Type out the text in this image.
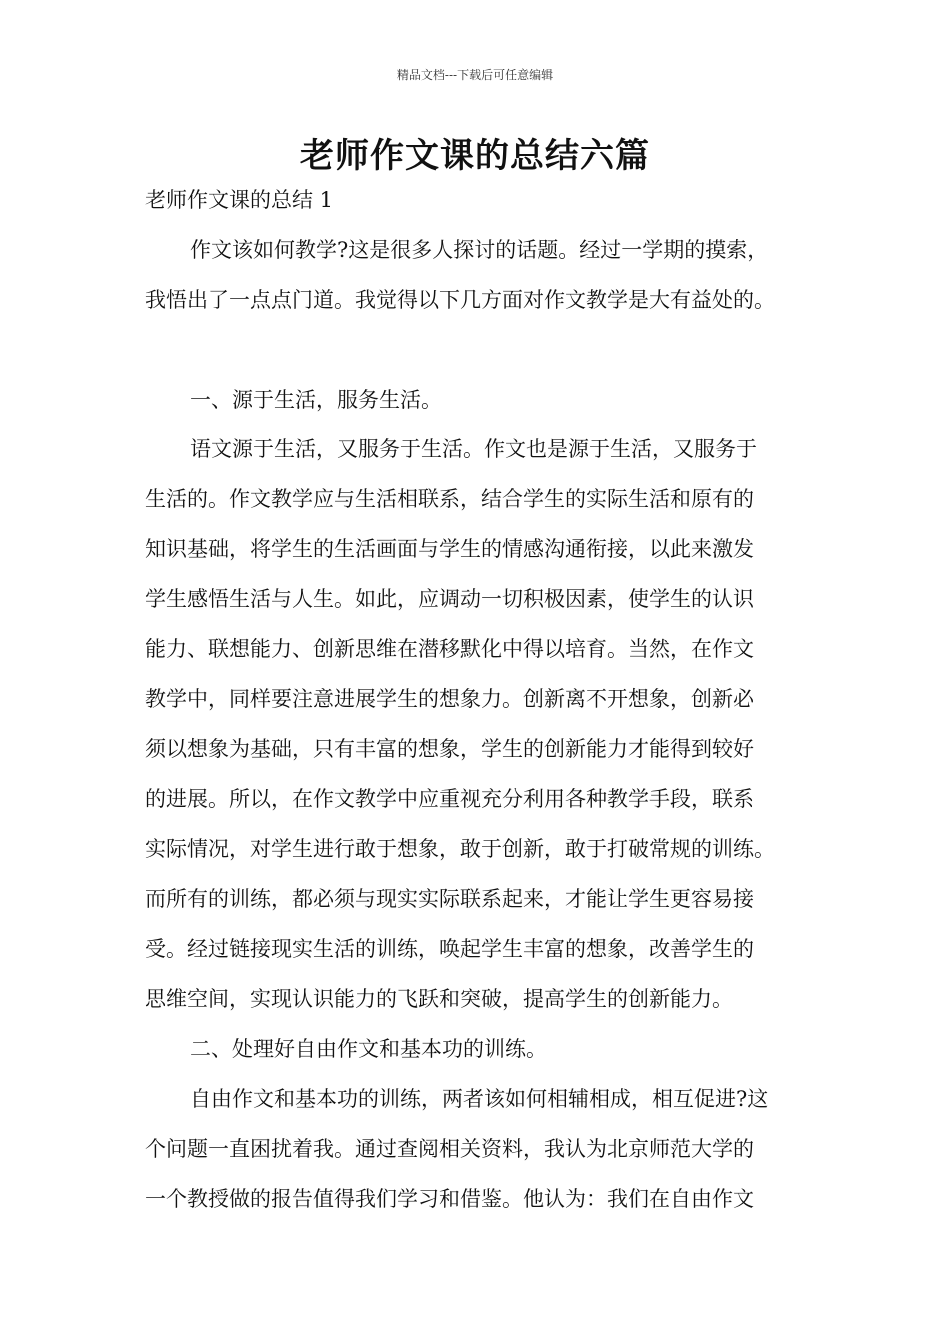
精品文档---下载后可任意编辑
老师作文课的总结六篇
老师作文课的总结 1
作文该如何教学?这是很多人探讨的话题。经过一学期的摸索，
我悟出了一点点门道。我觉得以下几方面对作文教学是大有益处的。
一、源于生活，服务生活。
语文源于生活，又服务于生活。作文也是源于生活，又服务于
生活的。作文教学应与生活相联系，结合学生的实际生活和原有的
知识基础，将学生的生活画面与学生的情感沟通衔接，以此来激发
学生感悟生活与人生。如此，应调动一切积极因素，使学生的认识
能力、联想能力、创新思维在潜移默化中得以培育。当然，在作文
教学中，同样要注意进展学生的想象力。创新离不开想象，创新必
须以想象为基础，只有丰富的想象，学生的创新能力才能得到较好
的进展。所以，在作文教学中应重视充分利用各种教学手段，联系
实际情况，对学生进行敢于想象，敢于创新，敢于打破常规的训练。
而所有的训练，都必须与现实实际联系起来，才能让学生更容易接
受。经过链接现实生活的训练，唤起学生丰富的想象，改善学生的
思维空间，实现认识能力的飞跃和突破，提高学生的创新能力。
二、处理好自由作文和基本功的训练。
自由作文和基本功的训练，两者该如何相辅相成，相互促进?这
个问题一直困扰着我。通过查阅相关资料，我认为北京师范大学的
一个教授做的报告值得我们学习和借鉴。他认为：我们在自由作文
